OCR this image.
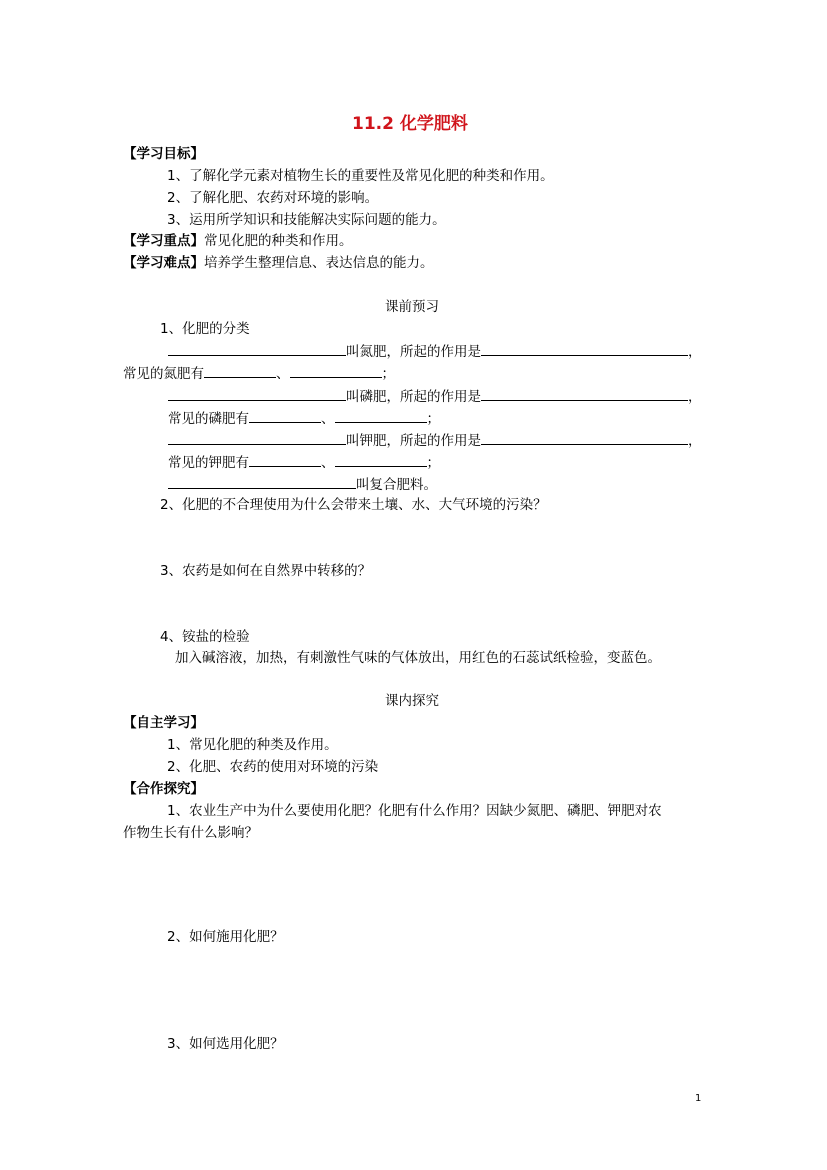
11.2 化学肥料
【学习目标】
1、了解化学元素对植物生长的重要性及常见化肥的种类和作用。
2、了解化肥、农药对环境的影响。
3、运用所学知识和技能解决实际问题的能力。
【学习重点】常见化肥的种类和作用。
【学习难点】培养学生整理信息、表达信息的能力。
课前预习
1、化肥的分类
叫氮肥，所起的作用是	，
常见的氮肥有	、	；
叫磷肥，所起的作用是	，
常见的磷肥有	、	；
叫钾肥，所起的作用是	，
常见的钾肥有	、	；
叫复合肥料。
2、化肥的不合理使用为什么会带来土壤、水、大气环境的污染？
3、农药是如何在自然界中转移的？
4、铵盐的检验
加入碱溶液，加热，有刺激性气味的气体放出，用红色的石蕊试纸检验，变蓝色。
课内探究
【自主学习】
1、常见化肥的种类及作用。
2、化肥、农药的使用对环境的污染
【合作探究】
1、农业生产中为什么要使用化肥？化肥有什么作用？因缺少氮肥、磷肥、钾肥对农
作物生长有什么影响？
2、如何施用化肥？
3、如何选用化肥？
1
